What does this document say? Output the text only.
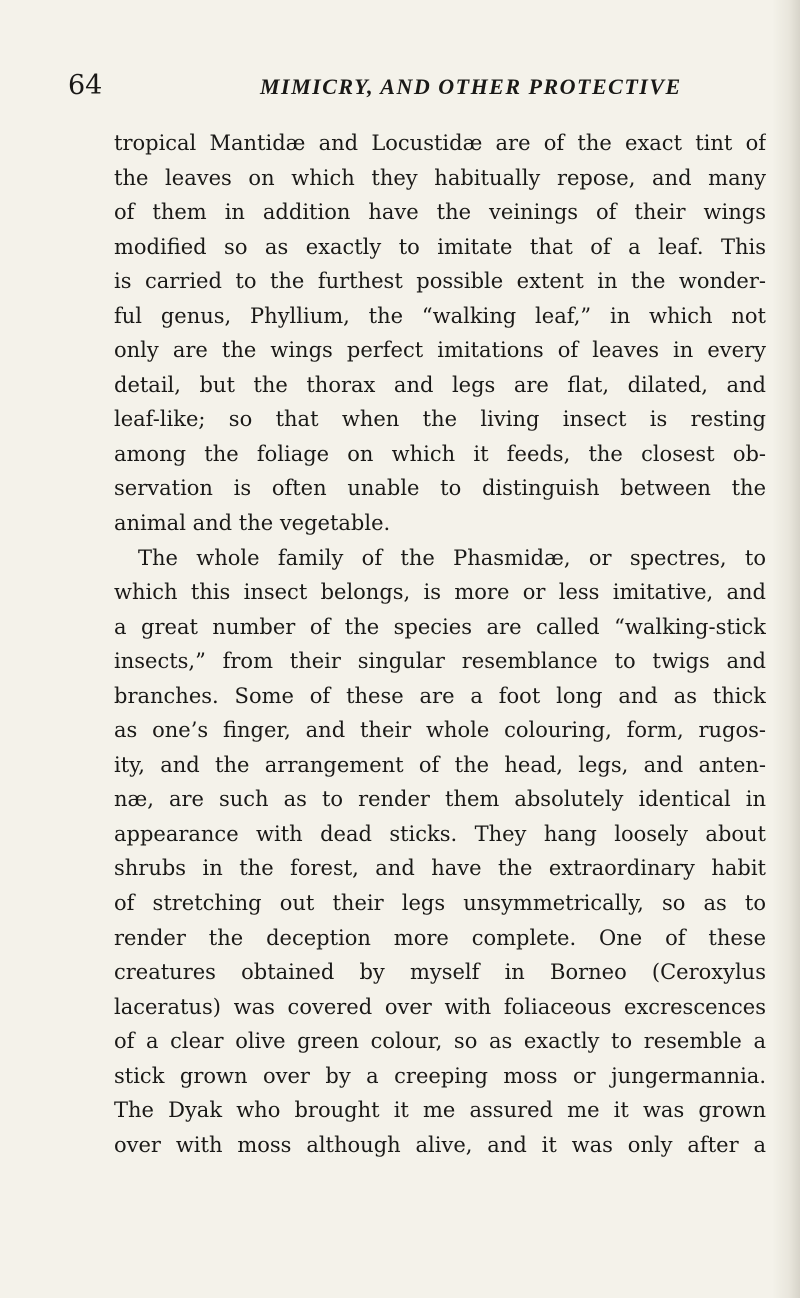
64	MIMICRY, AND OTHER PROTECTIVE
tropical Mantidæ and Locustidæ are of the exact tint of
the leaves on which they habitually repose, and many
of them in addition have the veinings of their wings
modified so as exactly to imitate that of a leaf. This
is carried to the furthest possible extent in the wonder-
ful genus, Phyllium, the “walking leaf,” in which not
only are the wings perfect imitations of leaves in every
detail, but the thorax and legs are flat, dilated, and
leaf-like; so that when the living insect is resting
among the foliage on which it feeds, the closest ob-
servation is often unable to distinguish between the
animal and the vegetable.
The whole family of the Phasmidæ, or spectres, to
which this insect belongs, is more or less imitative, and
a great number of the species are called “walking-stick
insects,” from their singular resemblance to twigs and
branches. Some of these are a foot long and as thick
as one’s finger, and their whole colouring, form, rugos-
ity, and the arrangement of the head, legs, and anten-
næ, are such as to render them absolutely identical in
appearance with dead sticks. They hang loosely about
shrubs in the forest, and have the extraordinary habit
of stretching out their legs unsymmetrically, so as to
render the deception more complete. One of these
creatures obtained by myself in Borneo (Ceroxylus
laceratus) was covered over with foliaceous excrescences
of a clear olive green colour, so as exactly to resemble a
stick grown over by a creeping moss or jungermannia.
The Dyak who brought it me assured me it was grown
over with moss although alive, and it was only after a
